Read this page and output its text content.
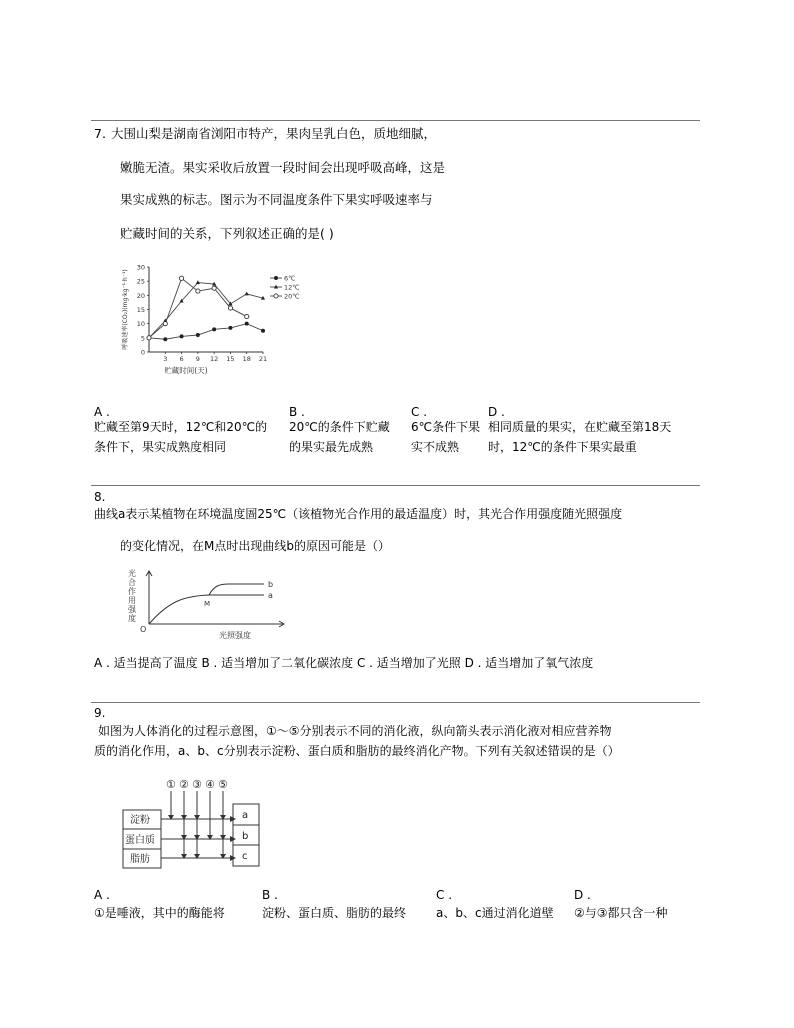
7. 大围山梨是湖南省浏阳市特产，果肉呈乳白色，质地细腻，
嫩脆无渣。果实采收后放置一段时间会出现呼吸高峰，这是
果实成熟的标志。图示为不同温度条件下果实呼吸速率与
贮藏时间的关系，下列叙述正确的是( )
0
5
10
15
20
25
30
3 6 9 12 15 18 21
贮藏时间(天)
呼吸速率(CO₂)(mg·kg⁻¹·h⁻¹)	6℃
12℃
20℃
A .
贮藏至第9天时，12℃和20℃的
条件下，果实成熟度相同
B .
20℃的条件下贮藏
的果实最先成熟
C .
6℃条件下果
实不成熟
D .
相同质量的果实，在贮藏至第18天
时，12℃的条件下果实最重
8.
曲线a表示某植物在环境温度圄25℃（该植物光合作用的最适温度）时，其光合作用强度随光照强度
的变化情况，在M点时出现曲线b的原因可能是（）
光
合
作
用
强
度
O
M
b
a
光照强度
A . 适当提高了温度 B . 适当增加了二氧化碳浓度 C . 适当增加了光照 D . 适当增加了氧气浓度
9.
如图为人体消化的过程示意图，①～⑤分别表示不同的消化液，纵向箭头表示消化液对相应营养物
质的消化作用，a、b、c分别表示淀粉、蛋白质和脂肪的最终消化产物。下列有关叙述错误的是（）
① ② ③ ④ ⑤
淀粉
蛋白质
脂肪
a
b
c
A .
①是唾液，其中的酶能将
B .
淀粉、蛋白质、脂肪的最终
C .
a、b、c通过消化道壁
D .
②与③都只含一种
